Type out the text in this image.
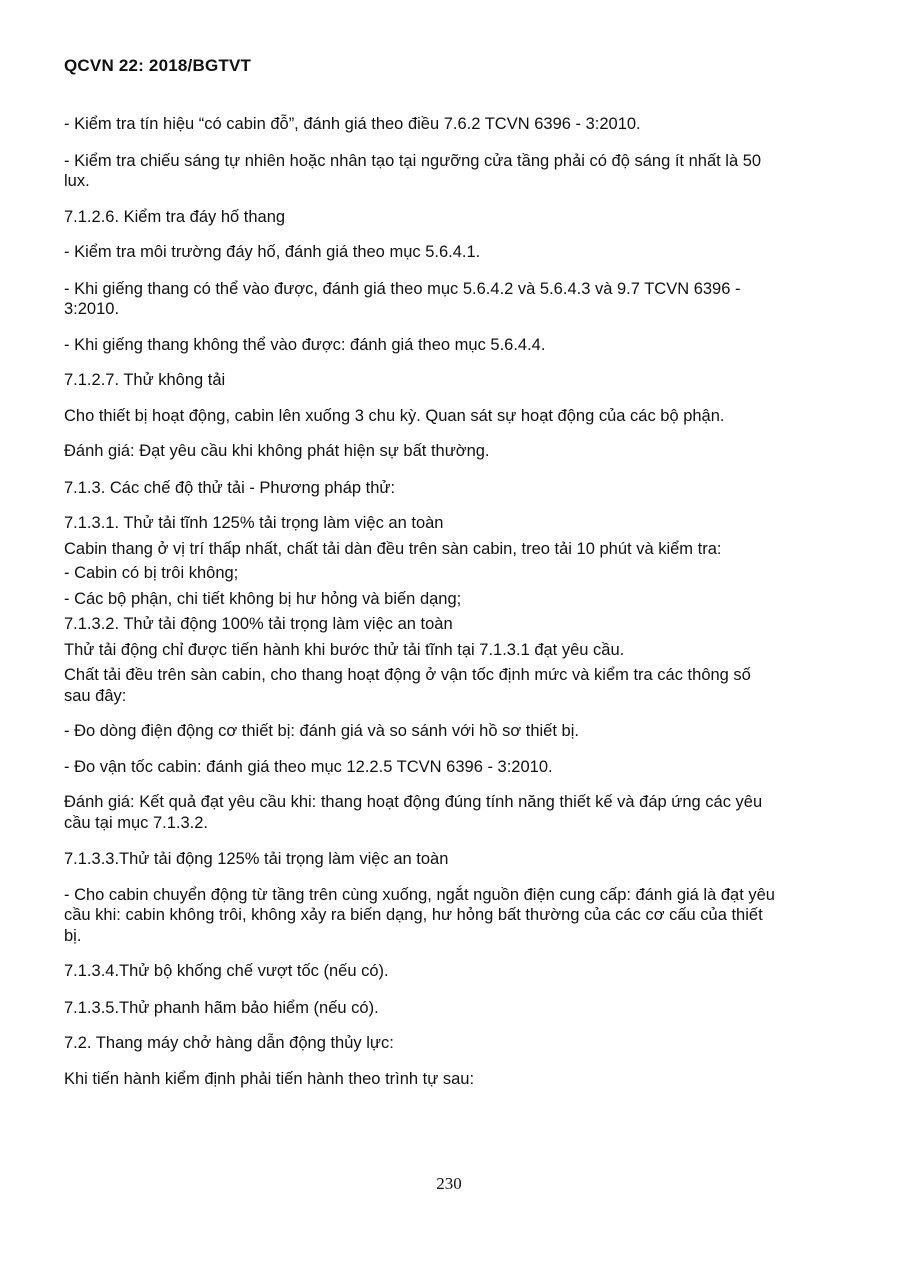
QCVN 22: 2018/BGTVT

- Kiểm tra tín hiệu “có cabin đỗ”, đánh giá theo điều 7.6.2 TCVN 6396 - 3:2010.

- Kiểm tra chiếu sáng tự nhiên hoặc nhân tạo tại ngưỡng cửa tầng phải có độ sáng ít nhất là 50 lux.

7.1.2.6. Kiểm tra đáy hố thang

- Kiểm tra môi trường đáy hố, đánh giá theo mục 5.6.4.1.

- Khi giếng thang có thể vào được, đánh giá theo mục 5.6.4.2 và 5.6.4.3 và 9.7 TCVN 6396 - 3:2010.

- Khi giếng thang không thể vào được: đánh giá theo mục 5.6.4.4.

7.1.2.7. Thử không tải

Cho thiết bị hoạt động, cabin lên xuống 3 chu kỳ. Quan sát sự hoạt động của các bộ phận.

Đánh giá: Đạt yêu cầu khi không phát hiện sự bất thường.

7.1.3. Các chế độ thử tải - Phương pháp thử:

7.1.3.1. Thử tải tĩnh 125% tải trọng làm việc an toàn

Cabin thang ở vị trí thấp nhất, chất tải dàn đều trên sàn cabin, treo tải 10 phút và kiểm tra:

- Cabin có bị trôi không;

- Các bộ phận, chi tiết không bị hư hỏng và biến dạng;

7.1.3.2. Thử tải động 100% tải trọng làm việc an toàn

Thử tải động chỉ được tiến hành khi bước thử tải tĩnh tại 7.1.3.1 đạt yêu cầu.

Chất tải đều trên sàn cabin, cho thang hoạt động ở vận tốc định mức và kiểm tra các thông số sau đây:

- Đo dòng điện động cơ thiết bị: đánh giá và so sánh với hồ sơ thiết bị.

- Đo vận tốc cabin: đánh giá theo mục 12.2.5 TCVN 6396 - 3:2010.

Đánh giá: Kết quả đạt yêu cầu khi: thang hoạt động đúng tính năng thiết kế và đáp ứng các yêu cầu tại mục 7.1.3.2.

7.1.3.3.Thử tải động 125% tải trọng làm việc an toàn

- Cho cabin chuyển động từ tầng trên cùng xuống, ngắt nguồn điện cung cấp: đánh giá là đạt yêu cầu khi: cabin không trôi, không xảy ra biến dạng, hư hỏng bất thường của các cơ cấu của thiết bị.

7.1.3.4.Thử bộ khống chế vượt tốc (nếu có).

7.1.3.5.Thử phanh hãm bảo hiểm (nếu có).

7.2. Thang máy chở hàng dẫn động thủy lực:

Khi tiến hành kiểm định phải tiến hành theo trình tự sau:

230
